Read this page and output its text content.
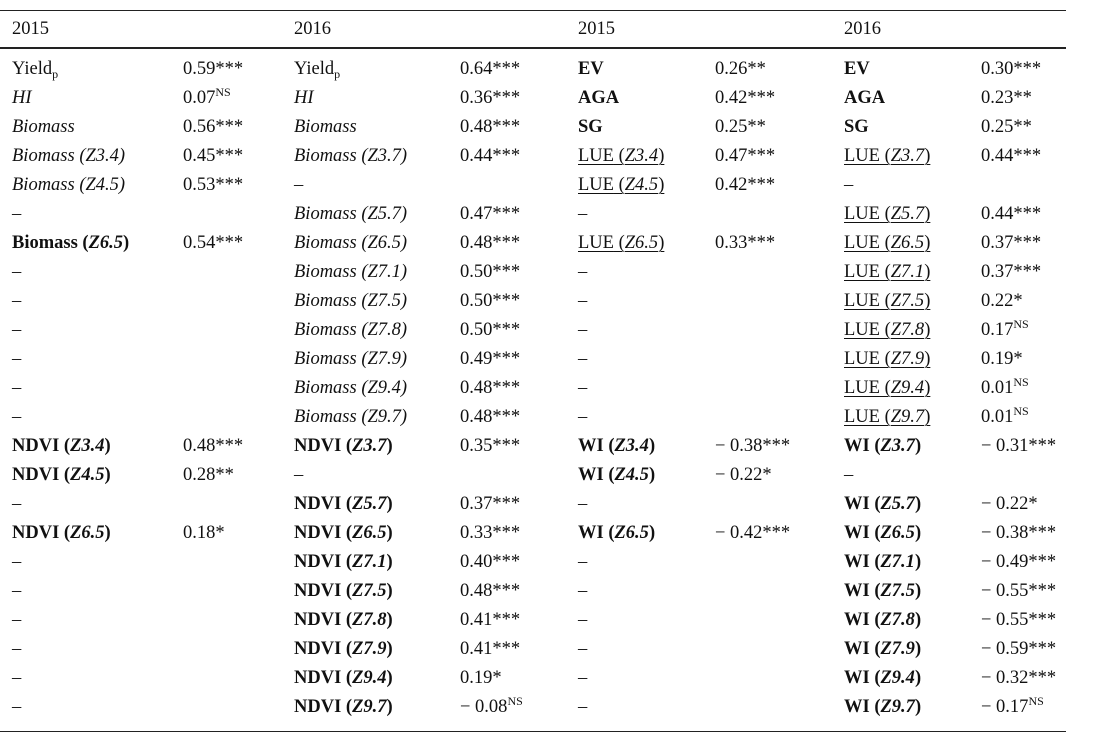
2015		2016		2015		2016	
Yield$_p$	0.59***	Yield$_p$	0.64***	EV	0.26**	EV	0.30***
HI	$0.07^{NS}$	HI	0.36***	AGA	0.42***	AGA	0.23**
Biomass	0.56***	Biomass	0.48***	SG	0.25**	SG	0.25**
Biomass (Z3.4)	0.45***	Biomass (Z3.7)	0.44***	LUE (Z3.4)	0.47***	LUE (Z3.7)	0.44***
Biomass (Z4.5)	0.53***	–		LUE (Z4.5)	0.42***	–	
–		Biomass (Z5.7)	0.47***	–		LUE (Z5.7)	0.44***
Biomass (Z6.5)	0.54***	Biomass (Z6.5)	0.48***	LUE (Z6.5)	0.33***	LUE (Z6.5)	0.37***
–		Biomass (Z7.1)	0.50***	–		LUE (Z7.1)	0.37***
–		Biomass (Z7.5)	0.50***	–		LUE (Z7.5)	0.22*
–		Biomass (Z7.8)	0.50***	–		LUE (Z7.8)	$0.17^{NS}$
–		Biomass (Z7.9)	0.49***	–		LUE (Z7.9)	0.19*
–		Biomass (Z9.4)	0.48***	–		LUE (Z9.4)	$0.01^{NS}$
–		Biomass (Z9.7)	0.48***	–		LUE (Z9.7)	$0.01^{NS}$
NDVI (Z3.4)	0.48***	NDVI (Z3.7)	0.35***	WI (Z3.4)	− 0.38***	WI (Z3.7)	− 0.31***
NDVI (Z4.5)	0.28**	–		WI (Z4.5)	− 0.22*	–	
–		NDVI (Z5.7)	0.37***	–		WI (Z5.7)	− 0.22*
NDVI (Z6.5)	0.18*	NDVI (Z6.5)	0.33***	WI (Z6.5)	− 0.42***	WI (Z6.5)	− 0.38***
–		NDVI (Z7.1)	0.40***	–		WI (Z7.1)	− 0.49***
–		NDVI (Z7.5)	0.48***	–		WI (Z7.5)	− 0.55***
–		NDVI (Z7.8)	0.41***	–		WI (Z7.8)	− 0.55***
–		NDVI (Z7.9)	0.41***	–		WI (Z7.9)	− 0.59***
–		NDVI (Z9.4)	0.19*	–		WI (Z9.4)	− 0.32***
–		NDVI (Z9.7)	− $0.08^{NS}$	–		WI (Z9.7)	− $0.17^{NS}$
